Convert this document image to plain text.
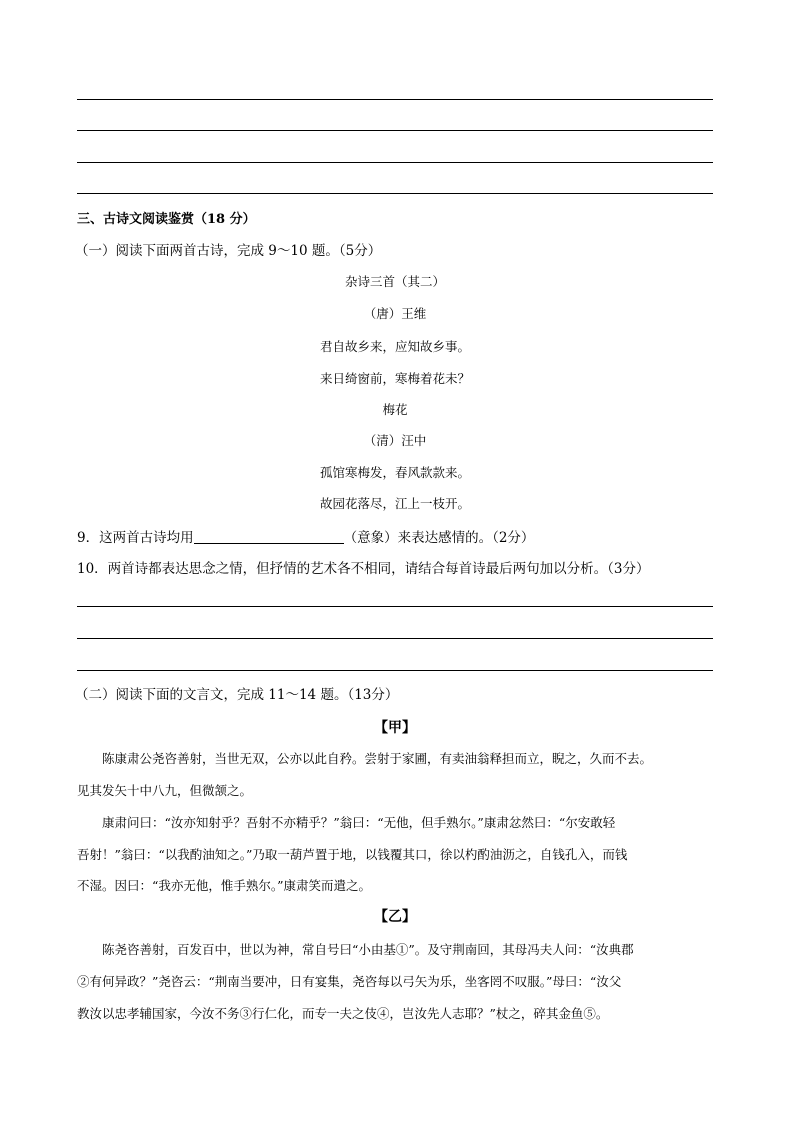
三、古诗文阅读鉴赏（18 分）
（一）阅读下面两首古诗，完成 9～10 题。（5分）
杂诗三首（其二）
（唐）王维
君自故乡来，应知故乡事。
来日绮窗前，寒梅着花未？
梅花
（清）汪中
孤馆寒梅发，春风款款来。
故园花落尽，江上一枝开。
9．这两首古诗均用	（意象）来表达感情的。（2分）
10．两首诗都表达思念之情，但抒情的艺术各不相同，请结合每首诗最后两句加以分析。（3分）
（二）阅读下面的文言文，完成 11～14 题。（13分）
【甲】
陈康肃公尧咨善射，当世无双，公亦以此自矜。尝射于家圃，有卖油翁释担而立，睨之，久而不去。
见其发矢十中八九，但微颔之。
康肃问曰：“汝亦知射乎？吾射不亦精乎？”翁曰：“无他，但手熟尔。”康肃忿然曰：“尔安敢轻
吾射！”翁曰：“以我酌油知之。”乃取一葫芦置于地，以钱覆其口，徐以杓酌油沥之，自钱孔入，而钱
不湿。因曰：“我亦无他，惟手熟尔。”康肃笑而遣之。
【乙】
陈尧咨善射，百发百中，世以为神，常自号曰“小由基①”。及守荆南回，其母冯夫人问：“汝典郡
②有何异政？”尧咨云：“荆南当要冲，日有宴集，尧咨每以弓矢为乐，坐客罔不叹服。”母曰：“汝父
教汝以忠孝辅国家，今汝不务③行仁化，而专一夫之伎④，岂汝先人志耶？”杖之，碎其金鱼⑤。
